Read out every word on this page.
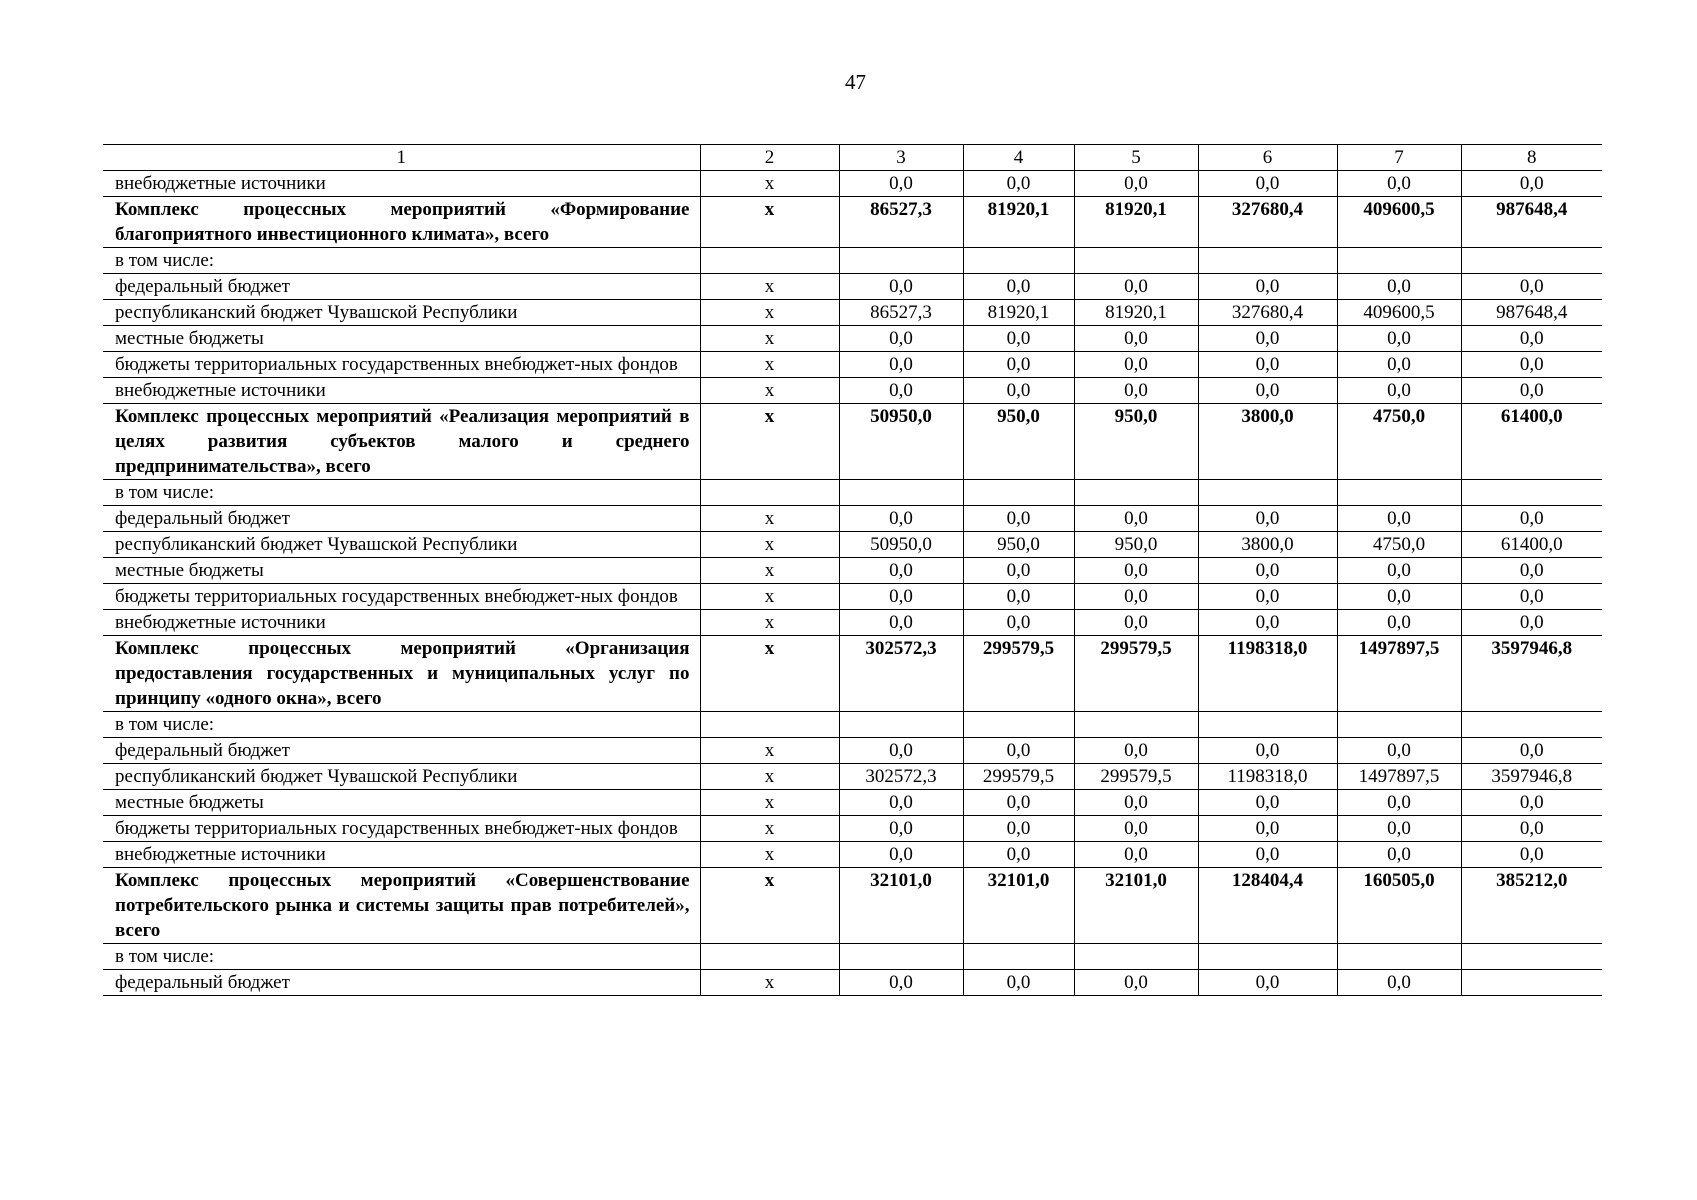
47
1	2	3	4	5	6	7	8
внебюджетные источники	х	0,0	0,0	0,0	0,0	0,0	0,0
Комплекс процессных мероприятий «Формирование благоприятного инвестиционного климата», всего	х	86527,3	81920,1	81920,1	327680,4	409600,5	987648,4
в том числе:							
федеральный бюджет	х	0,0	0,0	0,0	0,0	0,0	0,0
республиканский бюджет Чувашской Республики	х	86527,3	81920,1	81920,1	327680,4	409600,5	987648,4
местные бюджеты	х	0,0	0,0	0,0	0,0	0,0	0,0
бюджеты территориальных государственных внебюджет-ных фондов	х	0,0	0,0	0,0	0,0	0,0	0,0
внебюджетные источники	х	0,0	0,0	0,0	0,0	0,0	0,0
Комплекс процессных мероприятий «Реализация мероприятий в целях развития субъектов малого и среднего предпринимательства», всего	х	50950,0	950,0	950,0	3800,0	4750,0	61400,0
в том числе:							
федеральный бюджет	х	0,0	0,0	0,0	0,0	0,0	0,0
республиканский бюджет Чувашской Республики	х	50950,0	950,0	950,0	3800,0	4750,0	61400,0
местные бюджеты	х	0,0	0,0	0,0	0,0	0,0	0,0
бюджеты территориальных государственных внебюджет-ных фондов	х	0,0	0,0	0,0	0,0	0,0	0,0
внебюджетные источники	х	0,0	0,0	0,0	0,0	0,0	0,0
Комплекс процессных мероприятий «Организация предоставления государственных и муниципальных услуг по принципу «одного окна», всего	х	302572,3	299579,5	299579,5	1198318,0	1497897,5	3597946,8
в том числе:							
федеральный бюджет	х	0,0	0,0	0,0	0,0	0,0	0,0
республиканский бюджет Чувашской Республики	х	302572,3	299579,5	299579,5	1198318,0	1497897,5	3597946,8
местные бюджеты	х	0,0	0,0	0,0	0,0	0,0	0,0
бюджеты территориальных государственных внебюджет-ных фондов	х	0,0	0,0	0,0	0,0	0,0	0,0
внебюджетные источники	х	0,0	0,0	0,0	0,0	0,0	0,0
Комплекс процессных мероприятий «Совершенствование потребительского рынка и системы защиты прав потребителей», всего	х	32101,0	32101,0	32101,0	128404,4	160505,0	385212,0
в том числе:							
федеральный бюджет	х	0,0	0,0	0,0	0,0	0,0	
